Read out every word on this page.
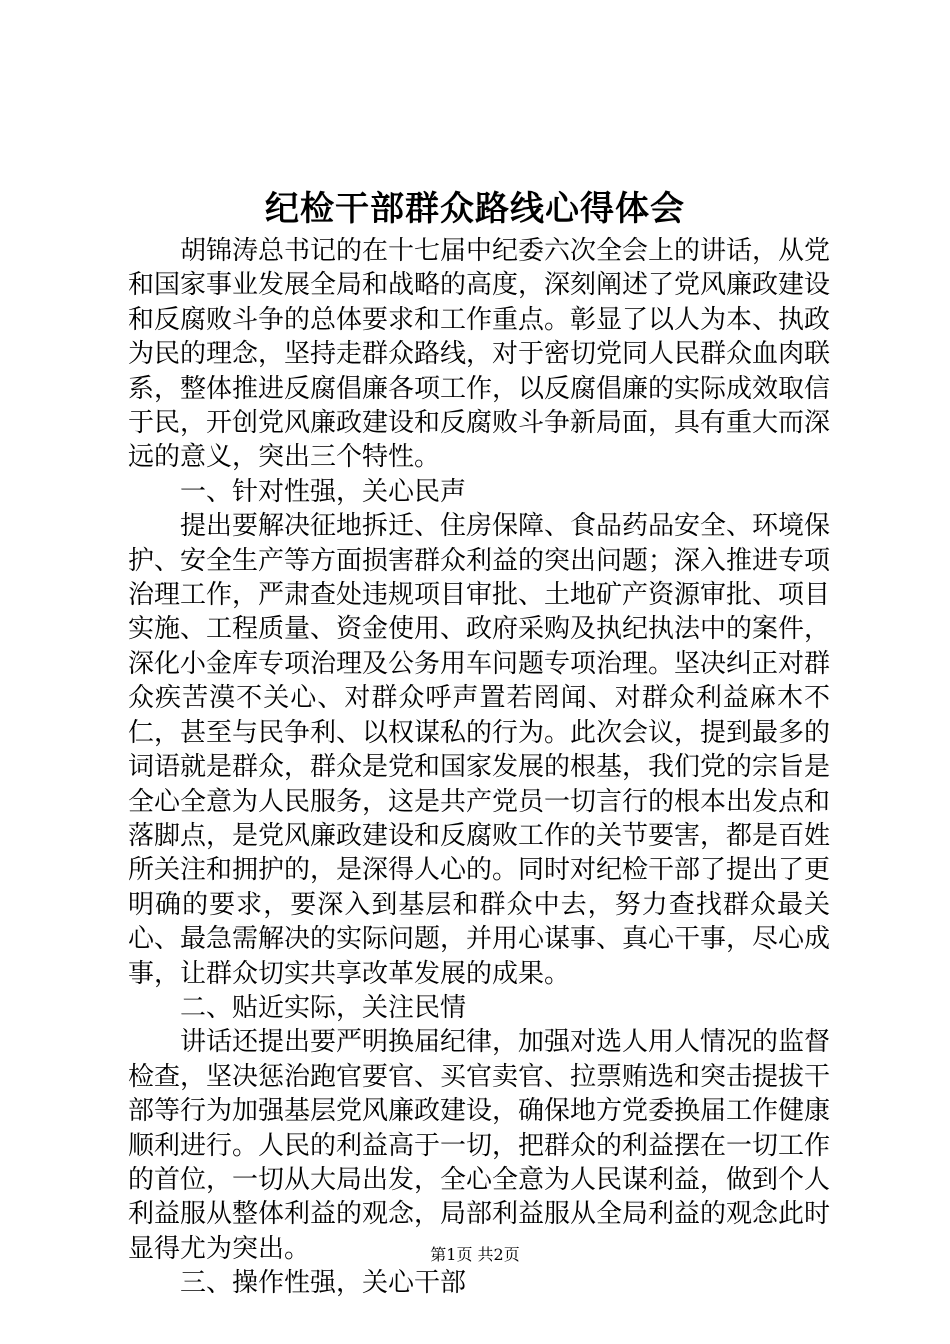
纪检干部群众路线心得体会

胡锦涛总书记的在十七届中纪委六次全会上的讲话，从党和国家事业发展全局和战略的高度，深刻阐述了党风廉政建设和反腐败斗争的总体要求和工作重点。彰显了以人为本、执政为民的理念，坚持走群众路线，对于密切党同人民群众血肉联系，整体推进反腐倡廉各项工作，以反腐倡廉的实际成效取信于民，开创党风廉政建设和反腐败斗争新局面，具有重大而深远的意义，突出三个特性。

一、针对性强，关心民声

提出要解决征地拆迁、住房保障、食品药品安全、环境保护、安全生产等方面损害群众利益的突出问题；深入推进专项治理工作，严肃查处违规项目审批、土地矿产资源审批、项目实施、工程质量、资金使用、政府采购及执纪执法中的案件，深化小金库专项治理及公务用车问题专项治理。坚决纠正对群众疾苦漠不关心、对群众呼声置若罔闻、对群众利益麻木不仁，甚至与民争利、以权谋私的行为。此次会议，提到最多的词语就是群众，群众是党和国家发展的根基，我们党的宗旨是全心全意为人民服务，这是共产党员一切言行的根本出发点和落脚点，是党风廉政建设和反腐败工作的关节要害，都是百姓所关注和拥护的，是深得人心的。同时对纪检干部了提出了更明确的要求，要深入到基层和群众中去，努力查找群众最关心、最急需解决的实际问题，并用心谋事、真心干事，尽心成事，让群众切实共享改革发展的成果。

二、贴近实际，关注民情

讲话还提出要严明换届纪律，加强对选人用人情况的监督检查，坚决惩治跑官要官、买官卖官、拉票贿选和突击提拔干部等行为加强基层党风廉政建设，确保地方党委换届工作健康顺利进行。人民的利益高于一切，把群众的利益摆在一切工作的首位，一切从大局出发，全心全意为人民谋利益，做到个人利益服从整体利益的观念，局部利益服从全局利益的观念此时显得尤为突出。

三、操作性强，关心干部

第1页 共2页
